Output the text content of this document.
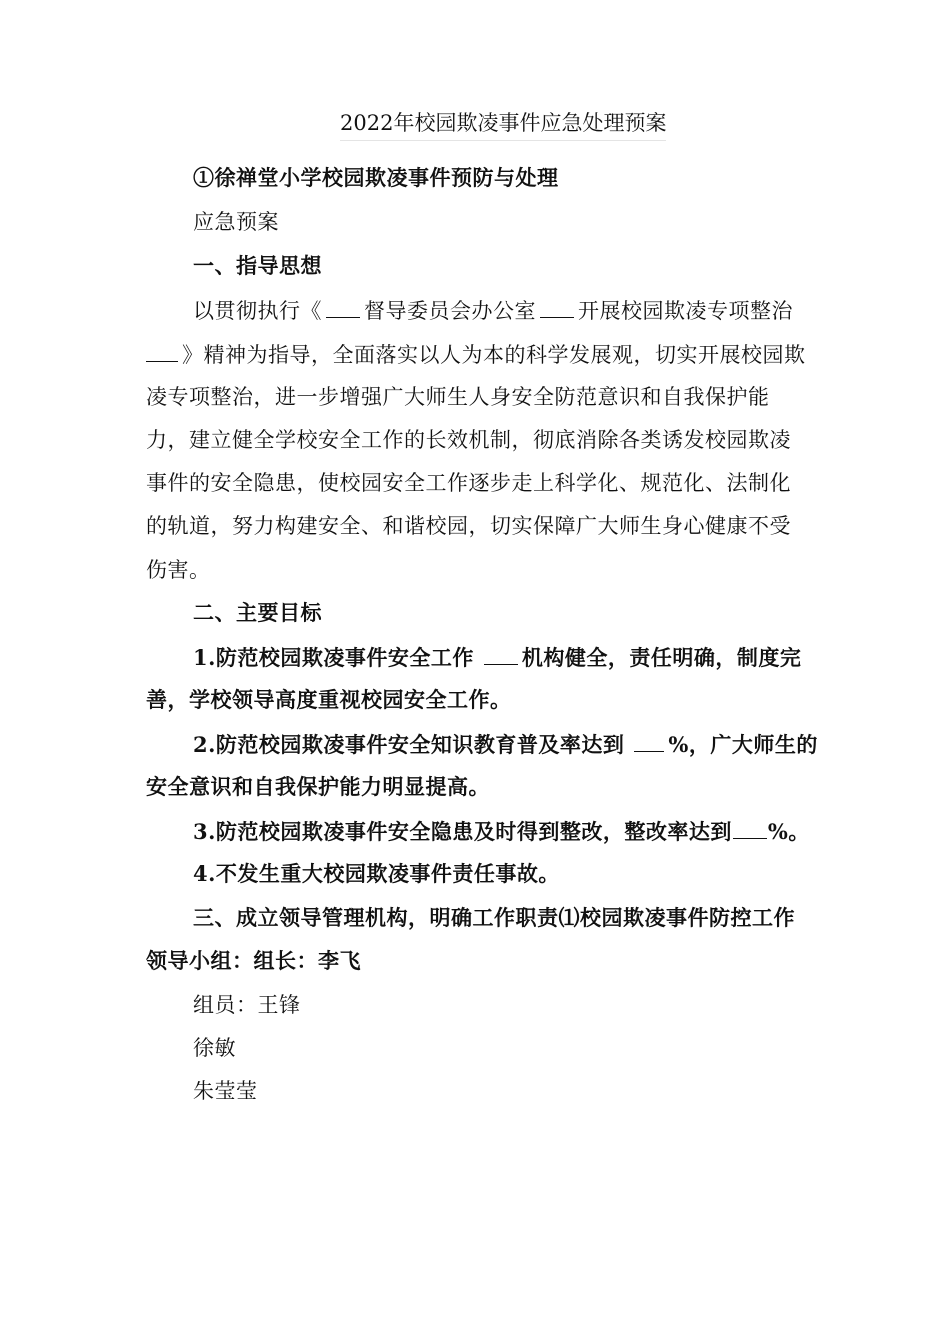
2022年校园欺凌事件应急处理预案
①徐禅堂小学校园欺凌事件预防与处理
应急预案
一、指导思想
以贯彻执行《 督导委员会办公室 开展校园欺凌专项整治
》精神为指导，全面落实以人为本的科学发展观，切实开展校园欺
凌专项整治，进一步增强广大师生人身安全防范意识和自我保护能
力，建立健全学校安全工作的长效机制，彻底消除各类诱发校园欺凌
事件的安全隐患，使校园安全工作逐步走上科学化、规范化、法制化
的轨道，努力构建安全、和谐校园，切实保障广大师生身心健康不受
伤害。
二、主要目标
1.防范校园欺凌事件安全工作 机构健全，责任明确，制度完
善，学校领导高度重视校园安全工作。
2.防范校园欺凌事件安全知识教育普及率达到 %，广大师生的
安全意识和自我保护能力明显提高。
3.防范校园欺凌事件安全隐患及时得到整改，整改率达到 %。
4.不发生重大校园欺凌事件责任事故。
三、成立领导管理机构，明确工作职责⑴校园欺凌事件防控工作
领导小组：组长：李飞
组员：王锋
徐敏
朱莹莹
